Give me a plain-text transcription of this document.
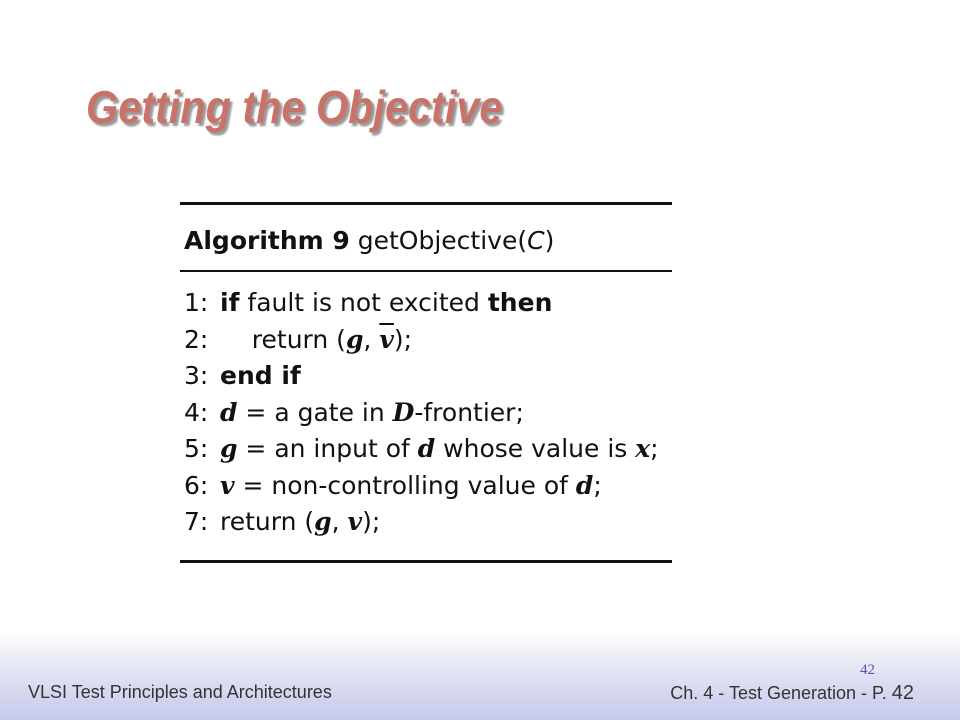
Getting the Objective
Algorithm 9 getObjective(C)
1: if fault is not excited then
2:    return (g, $\overline{v}$);
3: end if
4: d = a gate in D-frontier;
5: g = an input of d whose value is x;
6: v = non-controlling value of d;
7: return (g, v);
42
VLSI Test Principles and Architectures	Ch. 4 - Test Generation - P. 42
